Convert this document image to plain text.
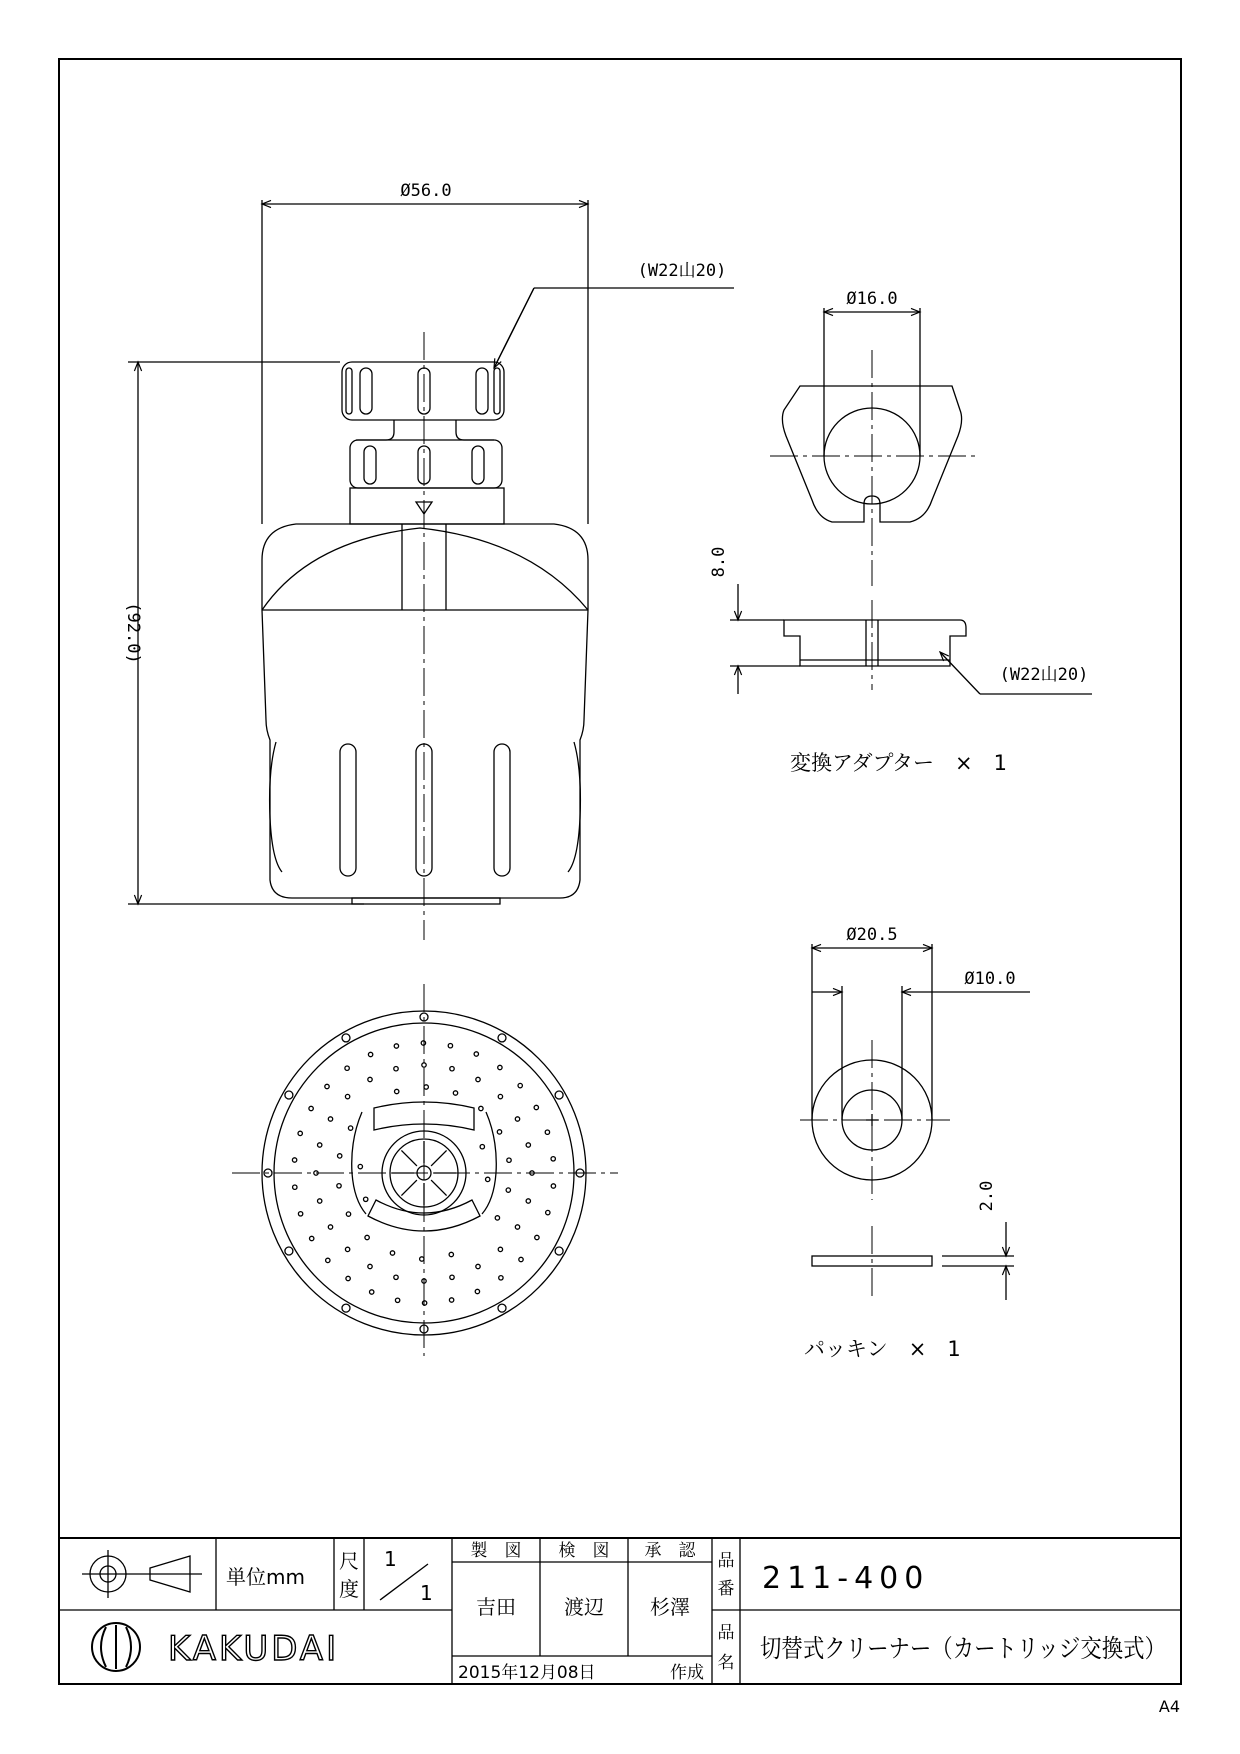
Ø56.0
(92.0)
(W22山20)
Ø16.0
8.0
(W22山20)
変換アダプター　×　1
Ø20.5
Ø10.0
2.0
パッキン　×　1
単位mm
尺
度
1
1
製　図 検　図 承　認
吉田 渡辺 杉澤
品
番 211-400
品
名 切替式クリーナー（カートリッジ交換式）
2015年12月08日	作成
KAKUDAI
A4
